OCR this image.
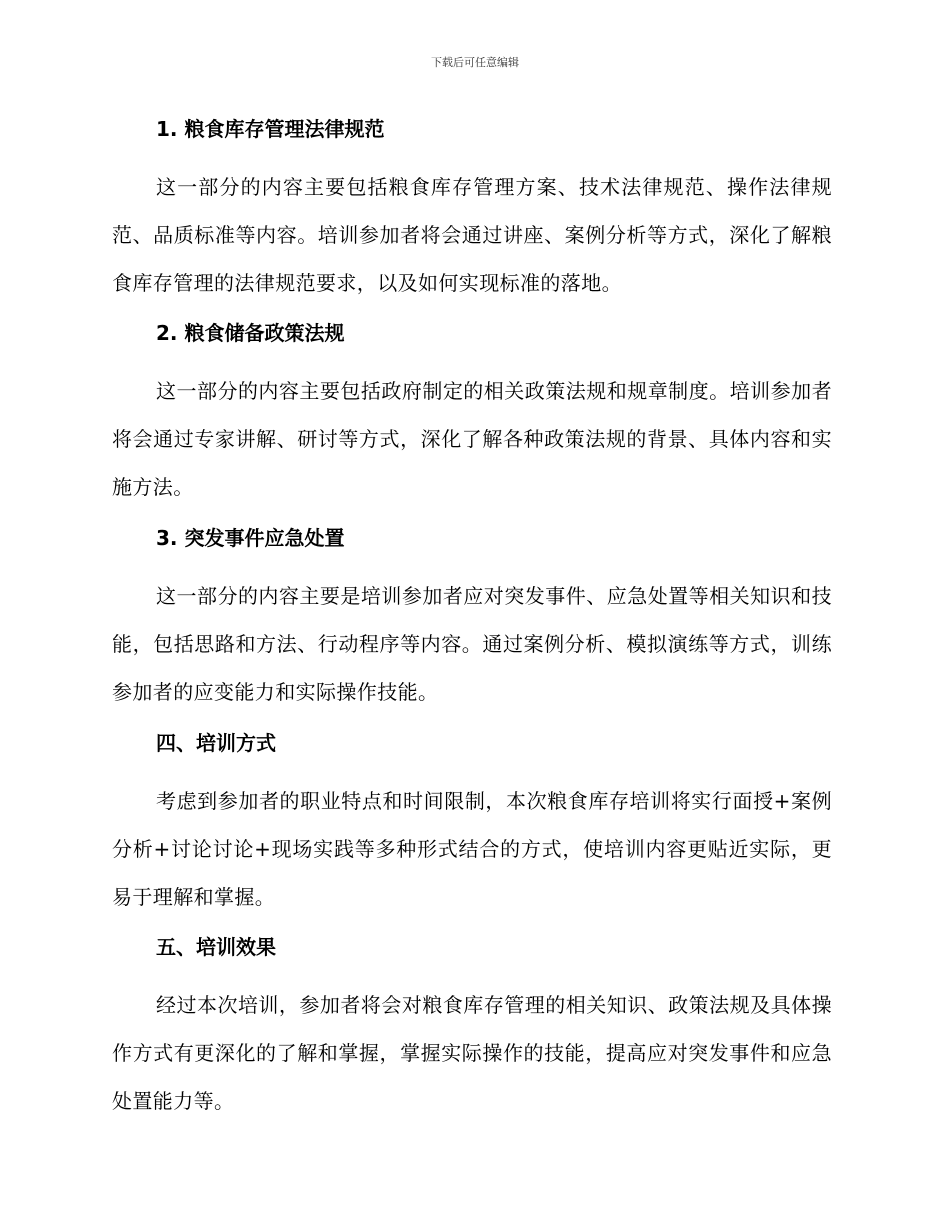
下载后可任意编辑
1. 粮食库存管理法律规范

这一部分的内容主要包括粮食库存管理方案、技术法律规范、操作法律规范、品质标准等内容。培训参加者将会通过讲座、案例分析等方式，深化了解粮食库存管理的法律规范要求，以及如何实现标准的落地。

2. 粮食储备政策法规

这一部分的内容主要包括政府制定的相关政策法规和规章制度。培训参加者将会通过专家讲解、研讨等方式，深化了解各种政策法规的背景、具体内容和实施方法。

3. 突发事件应急处置

这一部分的内容主要是培训参加者应对突发事件、应急处置等相关知识和技能，包括思路和方法、行动程序等内容。通过案例分析、模拟演练等方式，训练参加者的应变能力和实际操作技能。

四、培训方式

考虑到参加者的职业特点和时间限制，本次粮食库存培训将实行面授+案例分析+讨论讨论+现场实践等多种形式结合的方式，使培训内容更贴近实际，更易于理解和掌握。

五、培训效果

经过本次培训，参加者将会对粮食库存管理的相关知识、政策法规及具体操作方式有更深化的了解和掌握，掌握实际操作的技能，提高应对突发事件和应急处置能力等。
